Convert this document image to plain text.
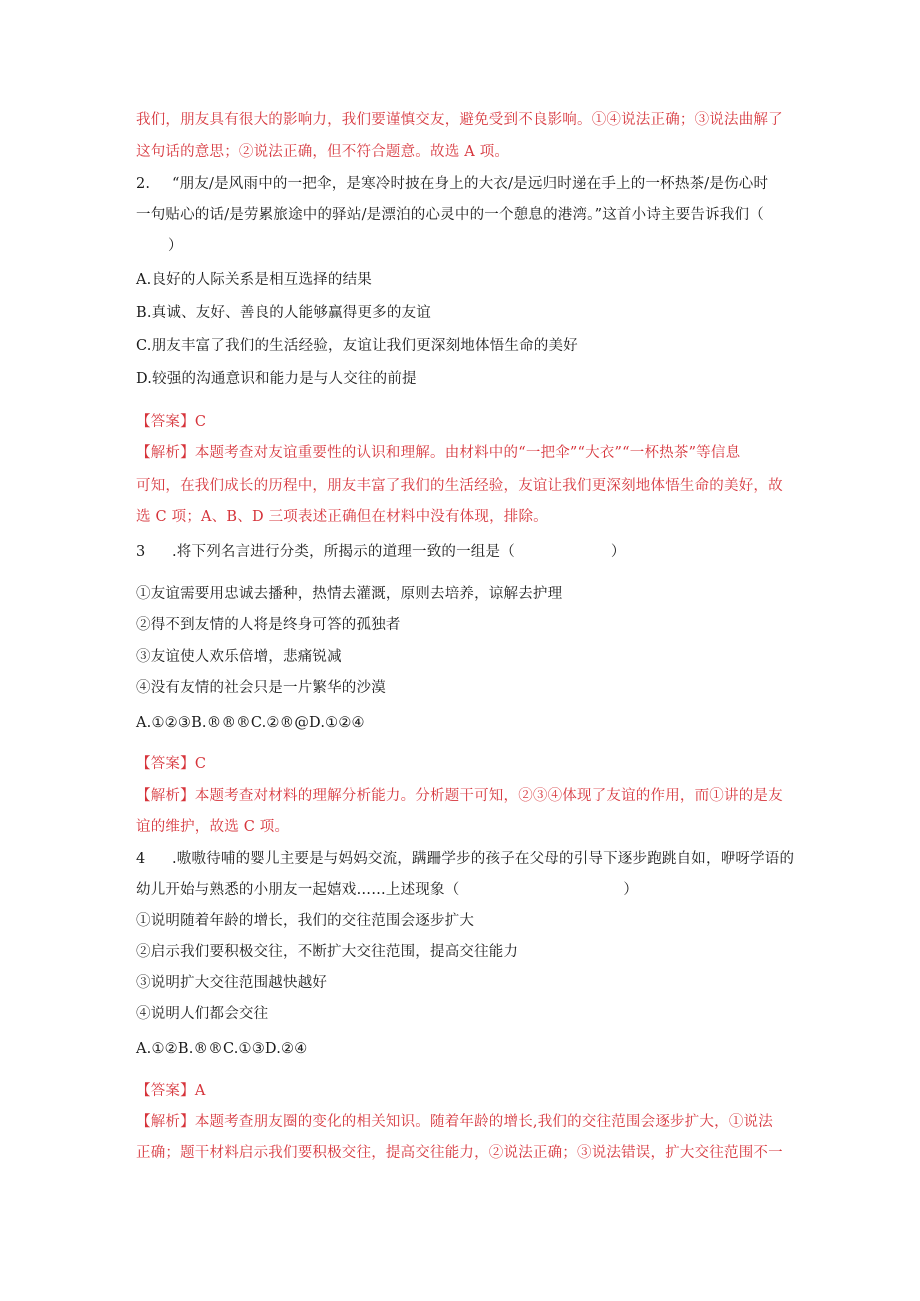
我们，朋友具有很大的影响力，我们要谨慎交友，避免受到不良影响。①④说法正确；③说法曲解了
这句话的意思；②说法正确，但不符合题意。故选 A 项。
2. “朋友/是风雨中的一把伞，是寒冷时披在身上的大衣/是远归时递在手上的一杯热茶/是伤心时
一句贴心的话/是劳累旅途中的驿站/是漂泊的心灵中的一个憩息的港湾。”这首小诗主要告诉我们（
）
A.良好的人际关系是相互选择的结果
B.真诚、友好、善良的人能够赢得更多的友谊
C.朋友丰富了我们的生活经验，友谊让我们更深刻地体悟生命的美好
D.较强的沟通意识和能力是与人交往的前提
【答案】C
【解析】本题考查对友谊重要性的认识和理解。由材料中的“一把伞”“大衣”“一杯热茶”等信息
可知，在我们成长的历程中，朋友丰富了我们的生活经验，友谊让我们更深刻地体悟生命的美好，故
选 C 项；A、B、D 三项表述正确但在材料中没有体现，排除。
3 .将下列名言进行分类，所揭示的道理一致的一组是（	）
①友谊需要用忠诚去播种，热情去灌溉，原则去培养，谅解去护理
②得不到友情的人将是终身可答的孤独者
③友谊使人欢乐倍增，悲痛锐减
④没有友情的社会只是一片繁华的沙漠
A.①②③B.®®®C.②®@D.①②④
【答案】C
【解析】本题考查对材料的理解分析能力。分析题干可知，②③④体现了友谊的作用，而①讲的是友
谊的维护，故选 C 项。
4 .嗷嗷待哺的婴儿主要是与妈妈交流，蹒跚学步的孩子在父母的引导下逐步跑跳自如，咿呀学语的
幼儿开始与熟悉的小朋友一起嬉戏……上述现象（	）
①说明随着年龄的增长，我们的交往范围会逐步扩大
②启示我们要积极交往，不断扩大交往范围，提高交往能力
③说明扩大交往范围越快越好
④说明人们都会交往
A.①②B.®®C.①③D.②④
【答案】A
【解析】本题考查朋友圈的变化的相关知识。随着年龄的增长,我们的交往范围会逐步扩大，①说法
正确；题干材料启示我们要积极交往，提高交往能力，②说法正确；③说法错误，扩大交往范围不一
